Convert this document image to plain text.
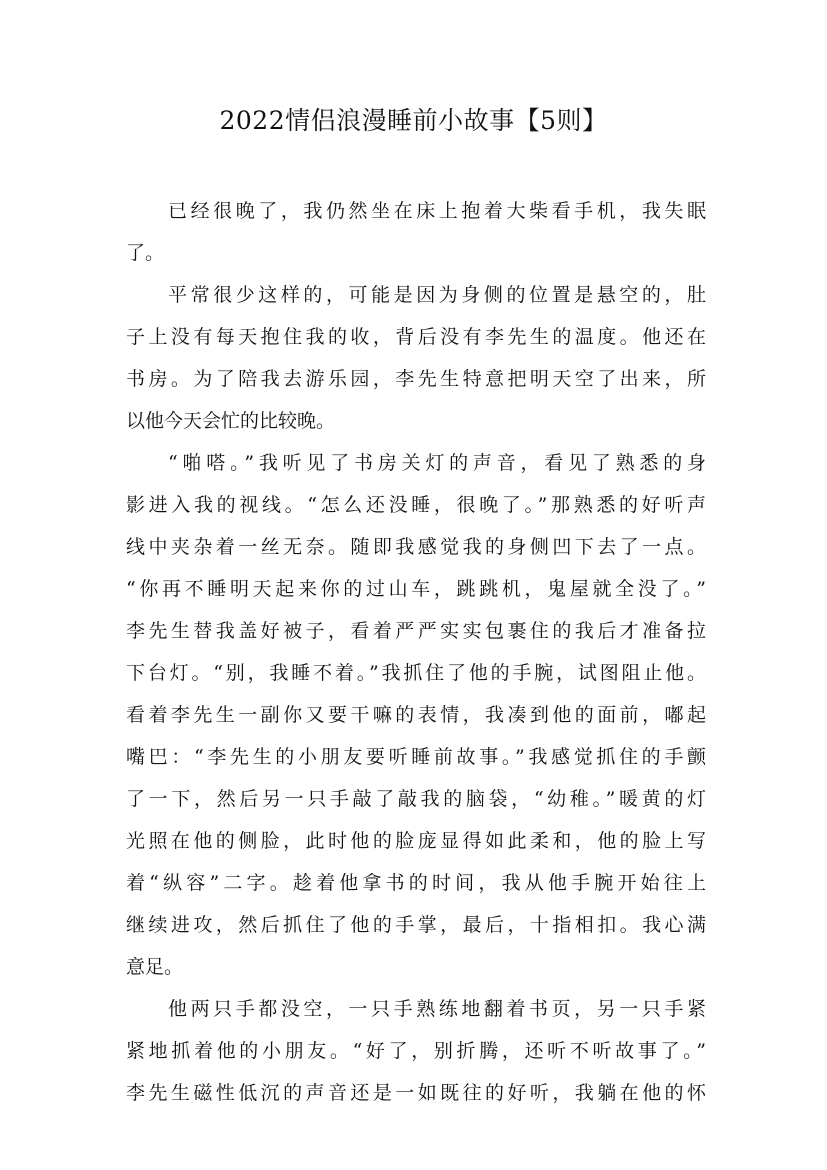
2022情侣浪漫睡前小故事【5则】
已经很晚了，我仍然坐在床上抱着大柴看手机，我失眠
了。
平常很少这样的，可能是因为身侧的位置是悬空的，肚
子上没有每天抱住我的收，背后没有李先生的温度。他还在
书房。为了陪我去游乐园，李先生特意把明天空了出来，所
以他今天会忙的比较晚。
“啪嗒。”我听见了书房关灯的声音，看见了熟悉的身
影进入我的视线。“怎么还没睡，很晚了。”那熟悉的好听声
线中夹杂着一丝无奈。随即我感觉我的身侧凹下去了一点。
“你再不睡明天起来你的过山车，跳跳机，鬼屋就全没了。”
李先生替我盖好被子，看着严严实实包裹住的我后才准备拉
下台灯。“别，我睡不着。”我抓住了他的手腕，试图阻止他。
看着李先生一副你又要干嘛的表情，我凑到他的面前，嘟起
嘴巴：“李先生的小朋友要听睡前故事。”我感觉抓住的手颤
了一下，然后另一只手敲了敲我的脑袋，“幼稚。”暖黄的灯
光照在他的侧脸，此时他的脸庞显得如此柔和，他的脸上写
着“纵容”二字。趁着他拿书的时间，我从他手腕开始往上
继续进攻，然后抓住了他的手掌，最后，十指相扣。我心满
意足。
他两只手都没空，一只手熟练地翻着书页，另一只手紧
紧地抓着他的小朋友。“好了，别折腾，还听不听故事了。”
李先生磁性低沉的声音还是一如既往的好听，我躺在他的怀
